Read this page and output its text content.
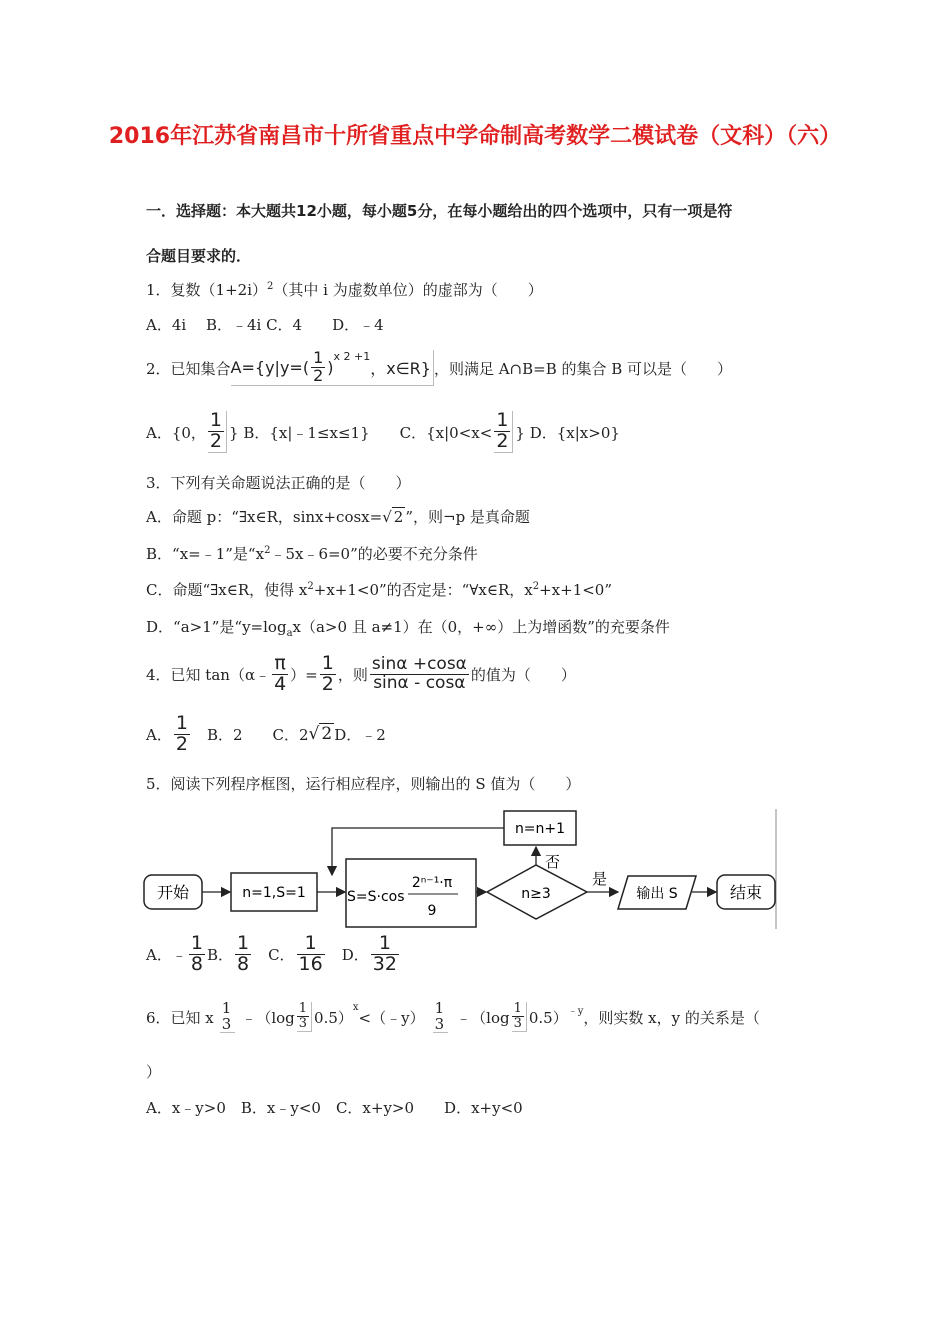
2016年江苏省南昌市十所省重点中学命制高考数学二模试卷（文科）（六）
一．选择题：本大题共12小题，每小题5分，在每小题给出的四个选项中，只有一项是符
合题目要求的．
1．复数$(1+2i)^2$（其中 i 为虚数单位）的虚部为（　　）
A．4i　 B．﹣4i C．4　　D．﹣4
2．已知集合 $A=\{y|y=( \frac{1}{2}$ )
$^{x 2 +1}$
，x∈R} ，则满足 A∩B=B 的集合 B 可以是（　　）
A．{0， $\frac{1}{2}$ } B．{x|﹣1≤x≤1}　　C．{$x|0<x< \frac{1}{2}$ } D．{x|x>0}
3．下列有关命题说法正确的是（　　）
A．命题 p：“∃x∈R，sinx+cosx=√ 2 ”，则¬p 是真命题
B．“x=﹣1”是“$x^2﹣5x﹣6=0$”的必要不充分条件
C．命题“∃x∈R，使得 $x^2+x+1<0$”的否定是：“∀x∈R，$x^2+x+1<0$”
D．“a>1”是“$y=\log_ax(a>0$ 且 a≠1）在（0，+∞）上为增函数”的充要条件
4．已知 tan（α﹣ $\frac{\pi}{4}$ ）= $\frac{1}{2}$ ，则 $\frac{\sin\alpha +\cos\alpha}{\sin\alpha - \cos\alpha}$ 的值为（　　）
A． $\frac{1}{2}$ 　B．2　　C．2 √ 2 D．﹣2
5．阅读下列程序框图，运行相应程序，则输出的 S 值为（　　）
开始	n=1,S=1	S=S·cos
2ⁿ⁻¹·π
9
n≥3
否
n=n+1
是
输出 S	结束
A．﹣ $\frac{1}{8}$ B． $\frac{1}{8}$ 　C． $\frac{1}{16}$ 　D． $\frac{1}{32}$
6．已知 x
1
3 ﹣（log $\frac{1}{3} 0.5$）
$^x$
<（﹣y）
1
3 ﹣（log $\frac{1}{3} 0.5)^{﹣y}$ ，则实数 x，y 的关系是（
）
A．x﹣y>0　B．x﹣y<0　C．x+y>0　　D．x+y<0
